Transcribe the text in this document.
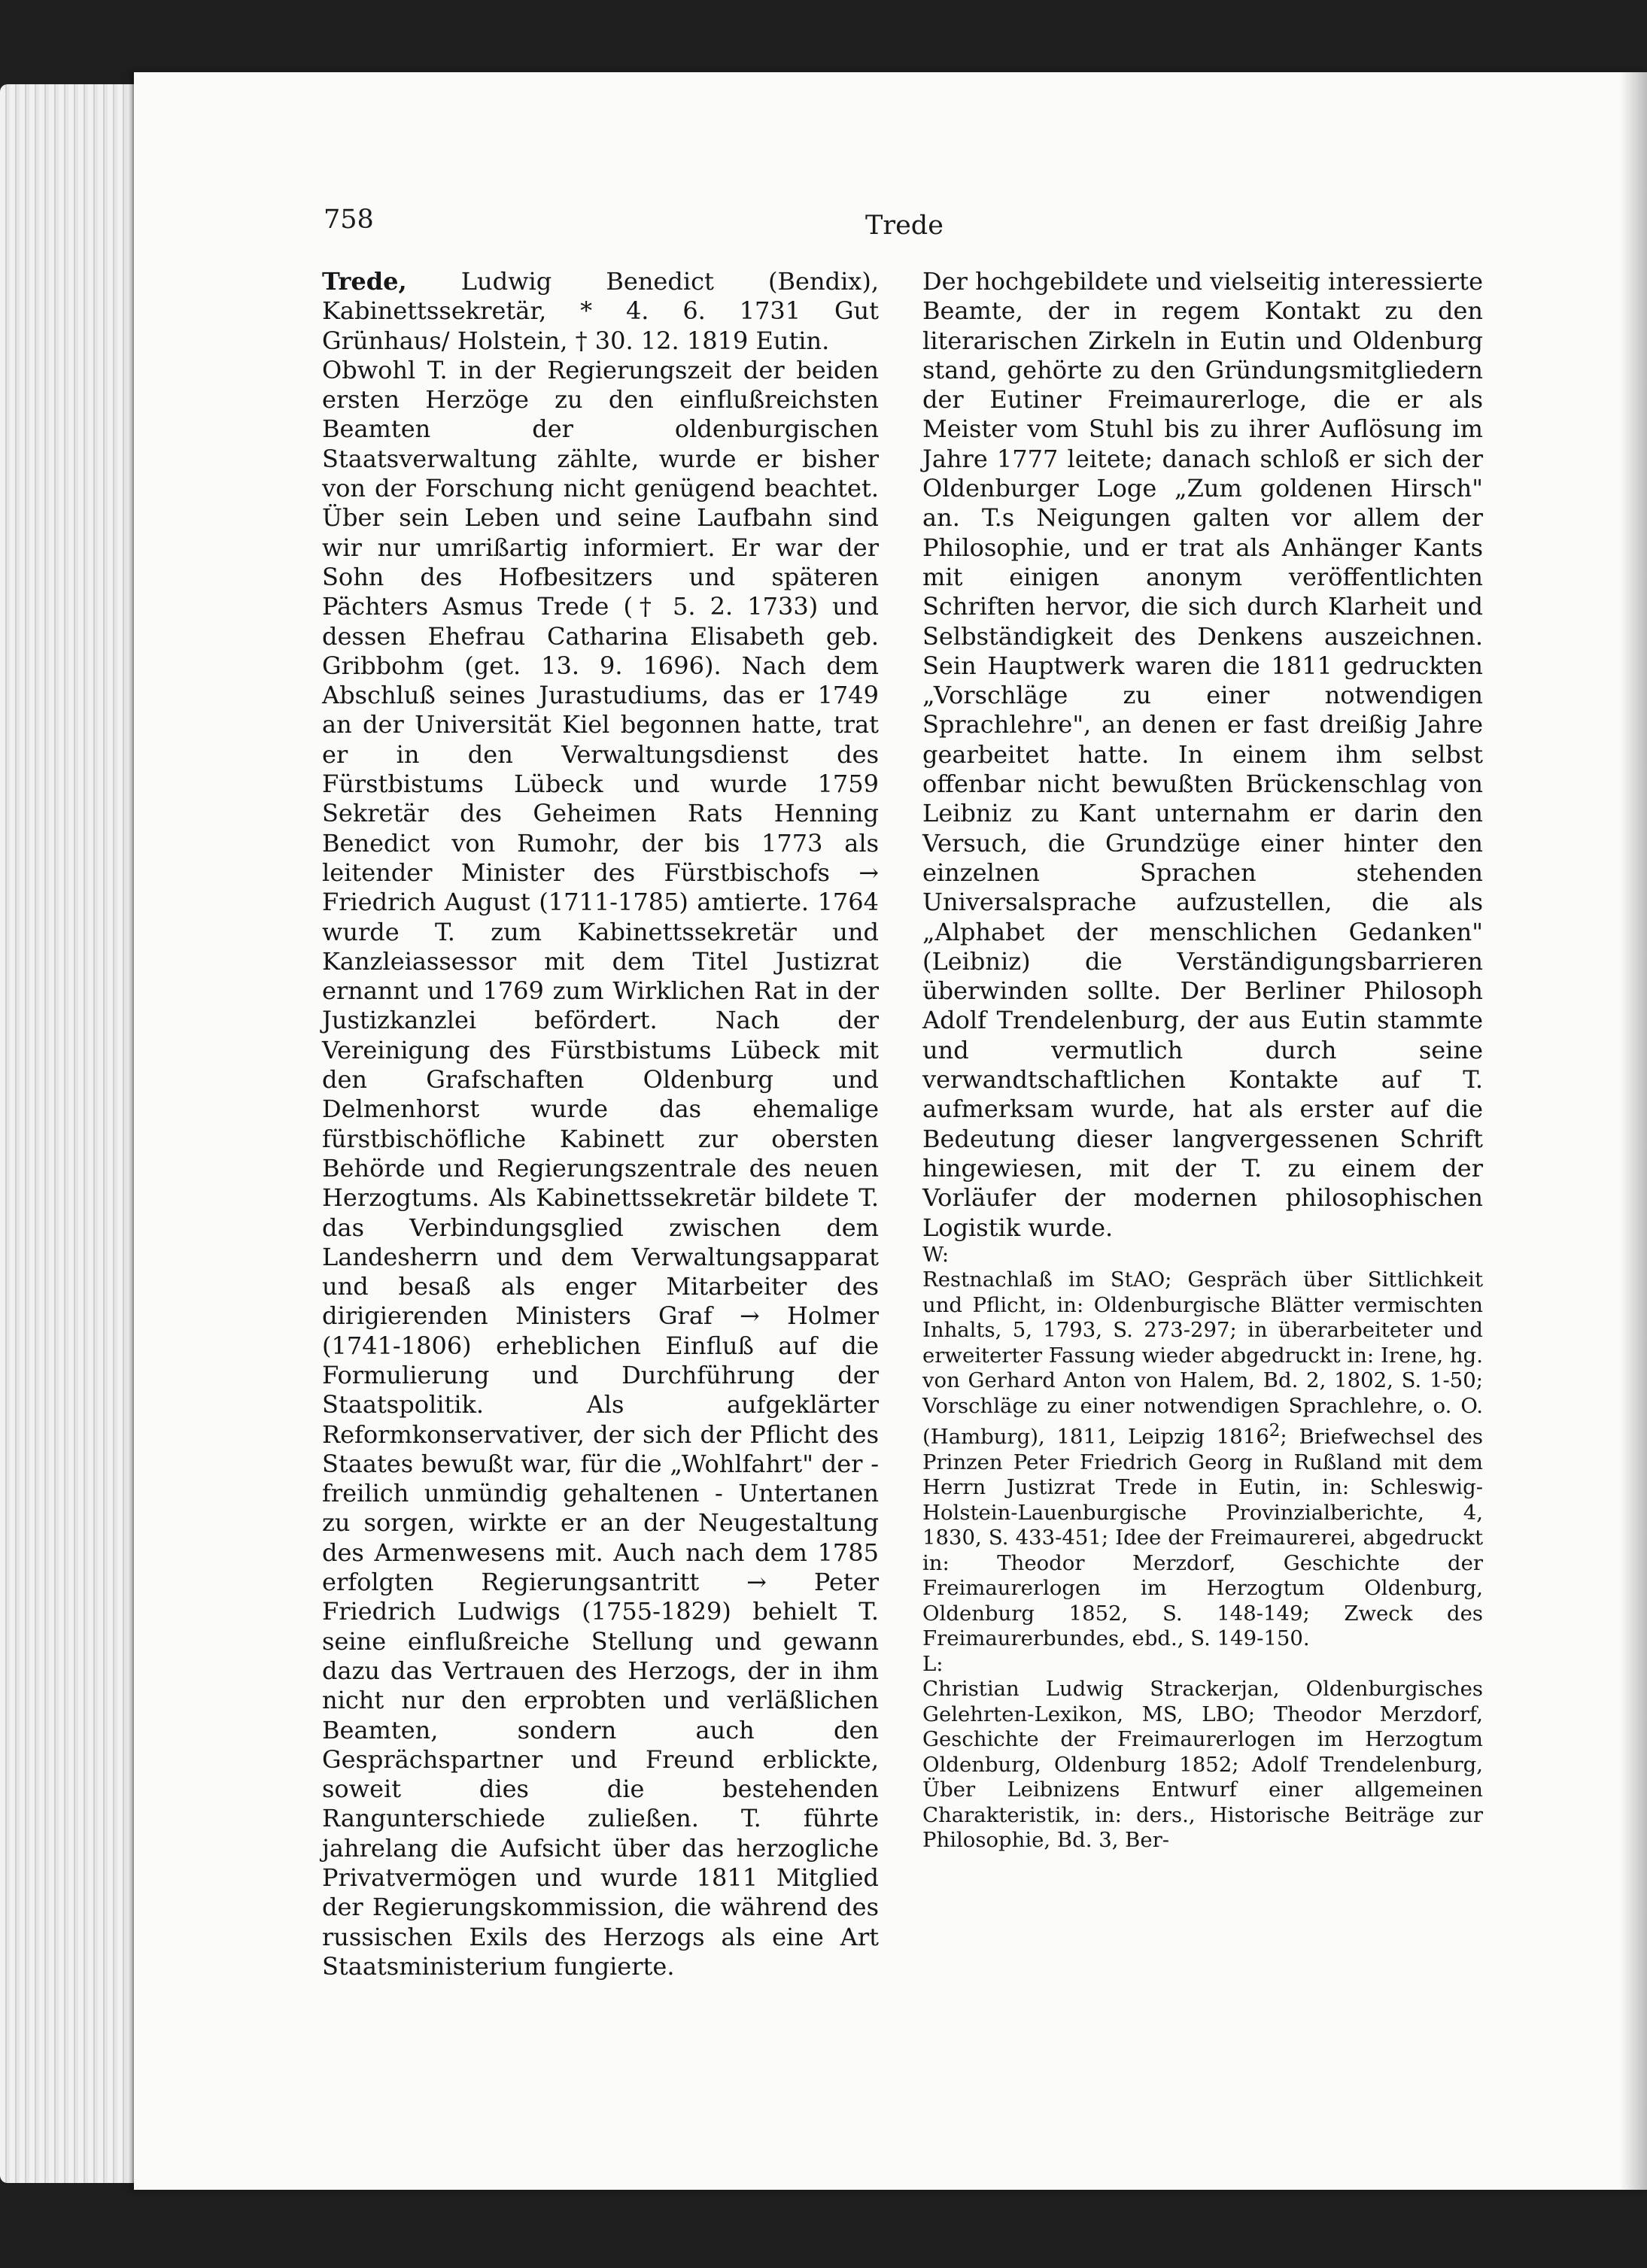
758	Trede

Trede, Ludwig Benedict (Bendix), Kabinettssekretär, * 4. 6. 1731 Gut Grünhaus/ Holstein, † 30. 12. 1819 Eutin.

Obwohl T. in der Regierungszeit der beiden ersten Herzöge zu den einflußreichsten Beamten der oldenburgischen Staatsverwaltung zählte, wurde er bisher von der Forschung nicht genügend beachtet. Über sein Leben und seine Laufbahn sind wir nur umrißartig informiert. Er war der Sohn des Hofbesitzers und späteren Pächters Asmus Trede († 5. 2. 1733) und dessen Ehefrau Catharina Elisabeth geb. Gribbohm (get. 13. 9. 1696). Nach dem Abschluß seines Jurastudiums, das er 1749 an der Universität Kiel begonnen hatte, trat er in den Verwaltungsdienst des Fürstbistums Lübeck und wurde 1759 Sekretär des Geheimen Rats Henning Benedict von Rumohr, der bis 1773 als leitender Minister des Fürstbischofs → Friedrich August (1711-1785) amtierte. 1764 wurde T. zum Kabinettssekretär und Kanzleiassessor mit dem Titel Justizrat ernannt und 1769 zum Wirklichen Rat in der Justizkanzlei befördert. Nach der Vereinigung des Fürstbistums Lübeck mit den Grafschaften Oldenburg und Delmenhorst wurde das ehemalige fürstbischöfliche Kabinett zur obersten Behörde und Regierungszentrale des neuen Herzogtums. Als Kabinettssekretär bildete T. das Verbindungsglied zwischen dem Landesherrn und dem Verwaltungsapparat und besaß als enger Mitarbeiter des dirigierenden Ministers Graf → Holmer (1741-1806) erheblichen Einfluß auf die Formulierung und Durchführung der Staatspolitik. Als aufgeklärter Reformkonservativer, der sich der Pflicht des Staates bewußt war, für die „Wohlfahrt" der - freilich unmündig gehaltenen - Untertanen zu sorgen, wirkte er an der Neugestaltung des Armenwesens mit. Auch nach dem 1785 erfolgten Regierungsantritt → Peter Friedrich Ludwigs (1755-1829) behielt T. seine einflußreiche Stellung und gewann dazu das Vertrauen des Herzogs, der in ihm nicht nur den erprobten und verläßlichen Beamten, sondern auch den Gesprächspartner und Freund erblickte, soweit dies die bestehenden Rangunterschiede zuließen. T. führte jahrelang die Aufsicht über das herzogliche Privatvermögen und wurde 1811 Mitglied der Regierungskommission, die während des russischen Exils des Herzogs als eine Art Staatsministerium fungierte.

Der hochgebildete und vielseitig interessierte Beamte, der in regem Kontakt zu den literarischen Zirkeln in Eutin und Oldenburg stand, gehörte zu den Gründungsmitgliedern der Eutiner Freimaurerloge, die er als Meister vom Stuhl bis zu ihrer Auflösung im Jahre 1777 leitete; danach schloß er sich der Oldenburger Loge „Zum goldenen Hirsch" an. T.s Neigungen galten vor allem der Philosophie, und er trat als Anhänger Kants mit einigen anonym veröffentlichten Schriften hervor, die sich durch Klarheit und Selbständigkeit des Denkens auszeichnen. Sein Hauptwerk waren die 1811 gedruckten „Vorschläge zu einer notwendigen Sprachlehre", an denen er fast dreißig Jahre gearbeitet hatte. In einem ihm selbst offenbar nicht bewußten Brückenschlag von Leibniz zu Kant unternahm er darin den Versuch, die Grundzüge einer hinter den einzelnen Sprachen stehenden Universalsprache aufzustellen, die als „Alphabet der menschlichen Gedanken" (Leibniz) die Verständigungsbarrieren überwinden sollte. Der Berliner Philosoph Adolf Trendelenburg, der aus Eutin stammte und vermutlich durch seine verwandtschaftlichen Kontakte auf T. aufmerksam wurde, hat als erster auf die Bedeutung dieser langvergessenen Schrift hingewiesen, mit der T. zu einem der Vorläufer der modernen philosophischen Logistik wurde.

W:

Restnachlaß im StAO; Gespräch über Sittlichkeit und Pflicht, in: Oldenburgische Blätter vermischten Inhalts, 5, 1793, S. 273-297; in überarbeiteter und erweiterter Fassung wieder abgedruckt in: Irene, hg. von Gerhard Anton von Halem, Bd. 2, 1802, S. 1-50; Vorschläge zu einer notwendigen Sprachlehre, o. O. (Hamburg), 1811, Leipzig 1816$^2$; Briefwechsel des Prinzen Peter Friedrich Georg in Rußland mit dem Herrn Justizrat Trede in Eutin, in: Schleswig-Holstein-Lauenburgische Provinzialberichte, 4, 1830, S. 433-451; Idee der Freimaurerei, abgedruckt in: Theodor Merzdorf, Geschichte der Freimaurerlogen im Herzogtum Oldenburg, Oldenburg 1852, S. 148-149; Zweck des Freimaurerbundes, ebd., S. 149-150.

L:

Christian Ludwig Strackerjan, Oldenburgisches Gelehrten-Lexikon, MS, LBO; Theodor Merzdorf, Geschichte der Freimaurerlogen im Herzogtum Oldenburg, Oldenburg 1852; Adolf Trendelenburg, Über Leibnizens Entwurf einer allgemeinen Charakteristik, in: ders., Historische Beiträge zur Philosophie, Bd. 3, Ber-
